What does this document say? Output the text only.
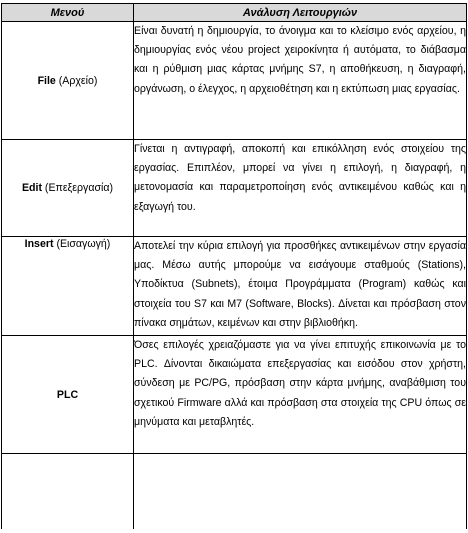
Μενού	Ανάλυση Λειτουργιών
File (Αρχείο)	Είναι δυνατή η δημιουργία, το άνοιγμα και το κλείσιμο ενός αρχείου, η δημιουργίας ενός νέου project χειροκίνητα ή αυτόματα, το διάβασμα και η ρύθμιση μιας κάρτας μνήμης S7, η αποθήκευση, η διαγραφή, οργάνωση, ο έλεγχος, η αρχειοθέτηση και η εκτύπωση μιας εργασίας.
Edit (Επεξεργασία)	Γίνεται η αντιγραφή, αποκοπή και επικόλληση ενός στοιχείου της εργασίας. Επιπλέον, μπορεί να γίνει η επιλογή, η διαγραφή, η μετονομασία και παραμετροποίηση ενός αντικειμένου καθώς και η εξαγωγή του.
Insert (Εισαγωγή)	Αποτελεί την κύρια επιλογή για προσθήκες αντικειμένων στην εργασία μας. Μέσω αυτής μπορούμε να εισάγουμε σταθμούς (Stations), Υποδίκτυα (Subnets), έτοιμα Προγράμματα (Program) καθώς και στοιχεία του S7 και M7 (Software, Blocks). Δίνεται και πρόσβαση στον πίνακα σημάτων, κειμένων και στην βιβλιοθήκη.
PLC	Όσες επιλογές χρειαζόμαστε για να γίνει επιτυχής επικοινωνία με το PLC. Δίνονται δικαιώματα επεξεργασίας και εισόδου στον χρήστη, σύνδεση με PC/PG, πρόσβαση στην κάρτα μνήμης, αναβάθμιση του σχετικού Firmware αλλά και πρόσβαση στα στοιχεία της CPU όπως σε μηνύματα και μεταβλητές.
